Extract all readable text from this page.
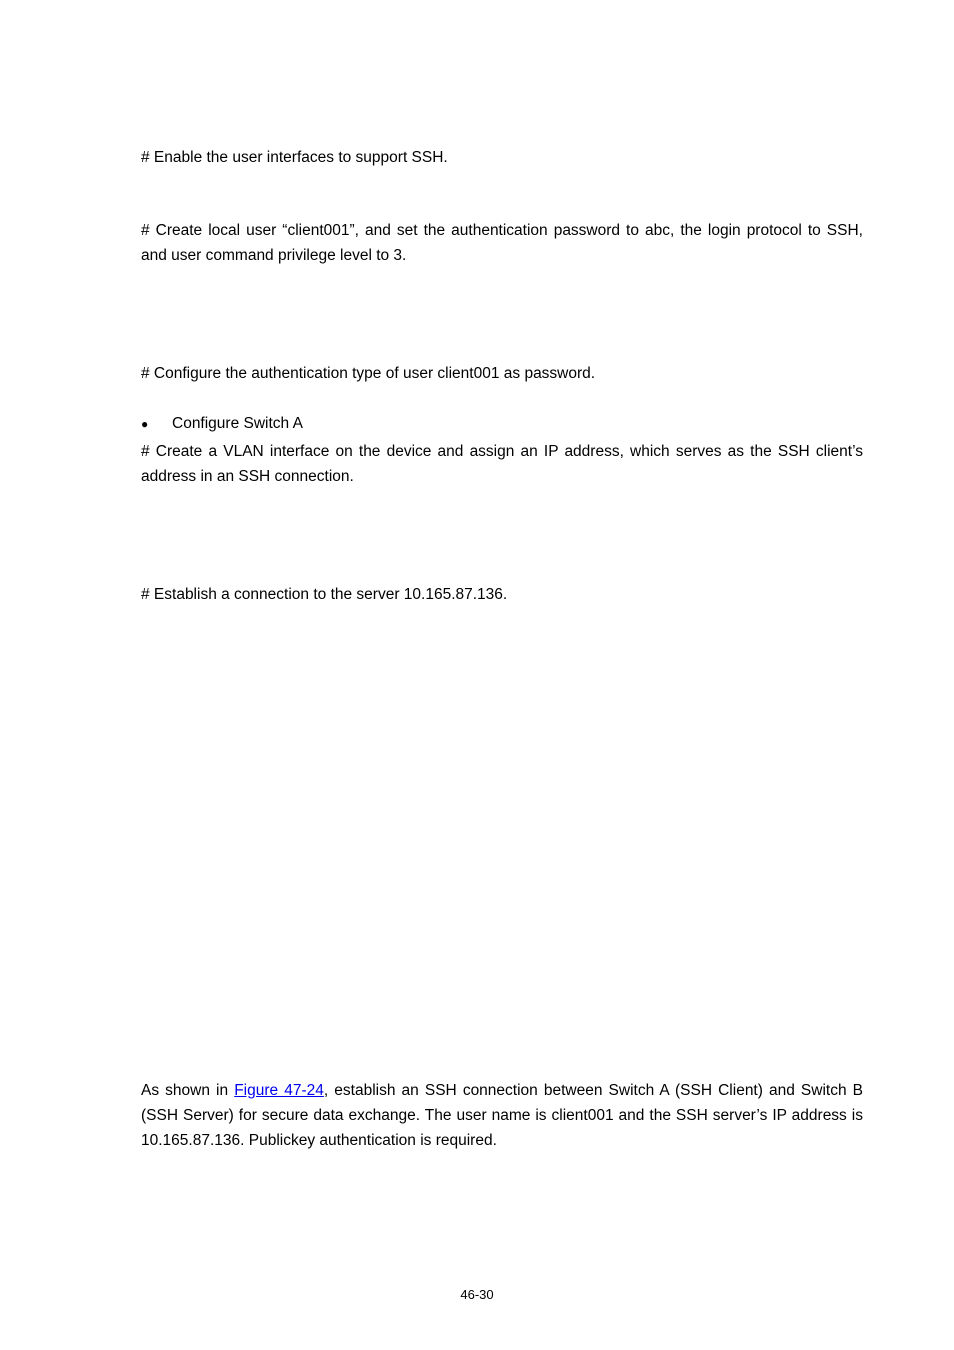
# Enable the user interfaces to support SSH.

# Create local user “client001”, and set the authentication password to abc, the login protocol to SSH, and user command privilege level to 3.

# Configure the authentication type of user client001 as password.

● Configure Switch A

# Create a VLAN interface on the device and assign an IP address, which serves as the SSH client’s address in an SSH connection.

# Establish a connection to the server 10.165.87.136.

As shown in Figure 47-24, establish an SSH connection between Switch A (SSH Client) and Switch B (SSH Server) for secure data exchange. The user name is client001 and the SSH server’s IP address is 10.165.87.136. Publickey authentication is required.

46-30
